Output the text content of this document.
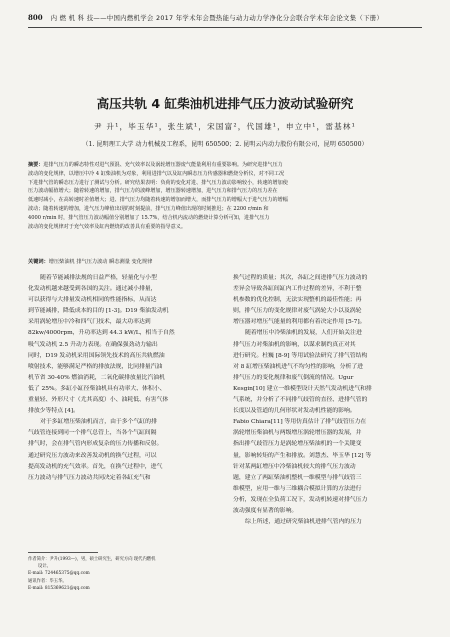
800 内 燃 机 科 技——中国内燃机学会 2017 年学术年会暨热能与动力动力学净化分会联合学术年会论文集（下册）
高压共轨 4 缸柴油机进排气压力波动试验研究
尹 升¹，毕玉华¹，张生斌¹，宋国富²，代国雄¹，申立中¹，雷基林¹
（1. 昆明理工大学 动力机械及工程系，昆明 650500；2. 昆明云内动力股份有限公司，昆明 650500）
摘要：进排气压力的瞬态特性对进气预混、充气效率以及涡轮增压器废气能量利用有重要影响。为研究进排气压力
波动的变化规律，以增压中冷 4 缸柴油机为对象，利用进排气以及缸内瞬态压力传感器和燃烧分析仪，对不同工况
下进排气管的瞬态压力进行了测试与分析。研究结果表明：负荷的变化对进、排气压力波动影响较小，转速的增加使
压力波动幅值增大；随着转速的增加，排气压力的波峰增加，增压器转速增加，进气压力和排气压力的压力差在
低速时减小，在高转速时差值增大；进、排气压力均随着转速的增加而增大，而排气压力的增幅大于进气压力的增幅
波动；随着转速的增加，进气压力峰值出现的时刻提前，排气压力峰值出现的时刻推迟；在 2200 r/min 和
4000 r/min 时，排气管压力波动幅值分别增加了 15.7%，结合机内流动的燃烧计算分析可知，进排气压力
波动的变化规律对于充气效率及缸内燃烧的改善具有重要的指导意义。
关键词：增压柴油机 排气压力波动 瞬态测量 变化规律
随着节能减排法规的日益严格，轻量化与小型
化发动机越来越受到各国的关注。通过减小排量，
可以获得与大排量发动机相同的性能指标，从而达
到节能减排，降低成本的目的 [1-3]。D19 柴油发动机
采用涡轮增压中冷和四气门技术，最大功率达到
82kw/4000rpm，升功率达到 44.3 kW/L，相当于自然
吸气发动机 2.5 升动力表现。在确保强劲动力输出
同时，D19 发动机采用国际领先技术的高压共轨燃油
喷射技术，能够满足严格的排放法规，比同排量汽油
机节省 30-40% 燃油消耗，二氧化碳排放量比汽油机
低了 25%。多缸小缸径柴油机具有功率大、体积小、
重量轻、外形尺寸（尤其高度）小、油耗低、有害气体
排放少等特点 [4]。
对于多缸增压柴油机而言，由于多个气缸的排
气歧管连接到同一个排气总管上，当各个气缸间隔
排气时，会在排气管内形成复杂的压力传播和反射。
通过研究压力波动来改善发动机的换气过程，可以
提高发动机的充气效率。首先，在换气过程中，进气
压力波动与排气压力波动共同决定着各缸充气和
换气过程的质量；其次，各缸之间进排气压力波动的
差异会导致各缸间缸内工作过程的差异，不利于整
机参数的优化控制，无法实现整机的最佳性能；再
则，排气压力的变化规律对废气涡轮大小以及涡轮
增压器对增压气能量的利用都有着决定作用 [5-7]。
随着增压中冷柴油机的发展，人们开始关注进
排气压力对柴油机的影响，以谋求制约真正对其
进行研究。杜巍 [8-9] 等用试验法研究了排气管结构
对 8 缸增压柴油机进气不均匀性的影响，分析了进
排气压力的变化规律和废气倒流的情况。Ugur
Kesgin[10] 建立一维模型设计天然气发动机进气和排
气系统，并分析了不同排气歧管的直径、进排气管的
长度以及管道的几何形状对发动机性能的影响。
Fabio Chiara[11] 等用仿真估计了排气歧管压力在
涡轮增压柴油机与两级增压涡轮增压器的发展，并
指出排气歧管压力是涡轮增压柴油机的一个关键变
量，影响转矩的产生和排放。刘慧杰、毕玉华 [12] 等
针对某两缸增压中冷柴油机较大的排气压力波动
题，建立了两缸柴油机整机一维模型与排气歧管三
维模型，应用一维与三维耦合模拟计算的方法进行
分析，发现在全负荷工况下，发动机转速对排气压力
波动强度有显著的影响。
综上所述，通过研究柴油机进排气管内的压力
作者简介：尹升(1993—)，男，硕士研究生，研究方向 现代内燃机
设计。
E-mail: 724465375@qq.com
通讯作者：毕玉华。
E-mail: 815369621@qq.com
